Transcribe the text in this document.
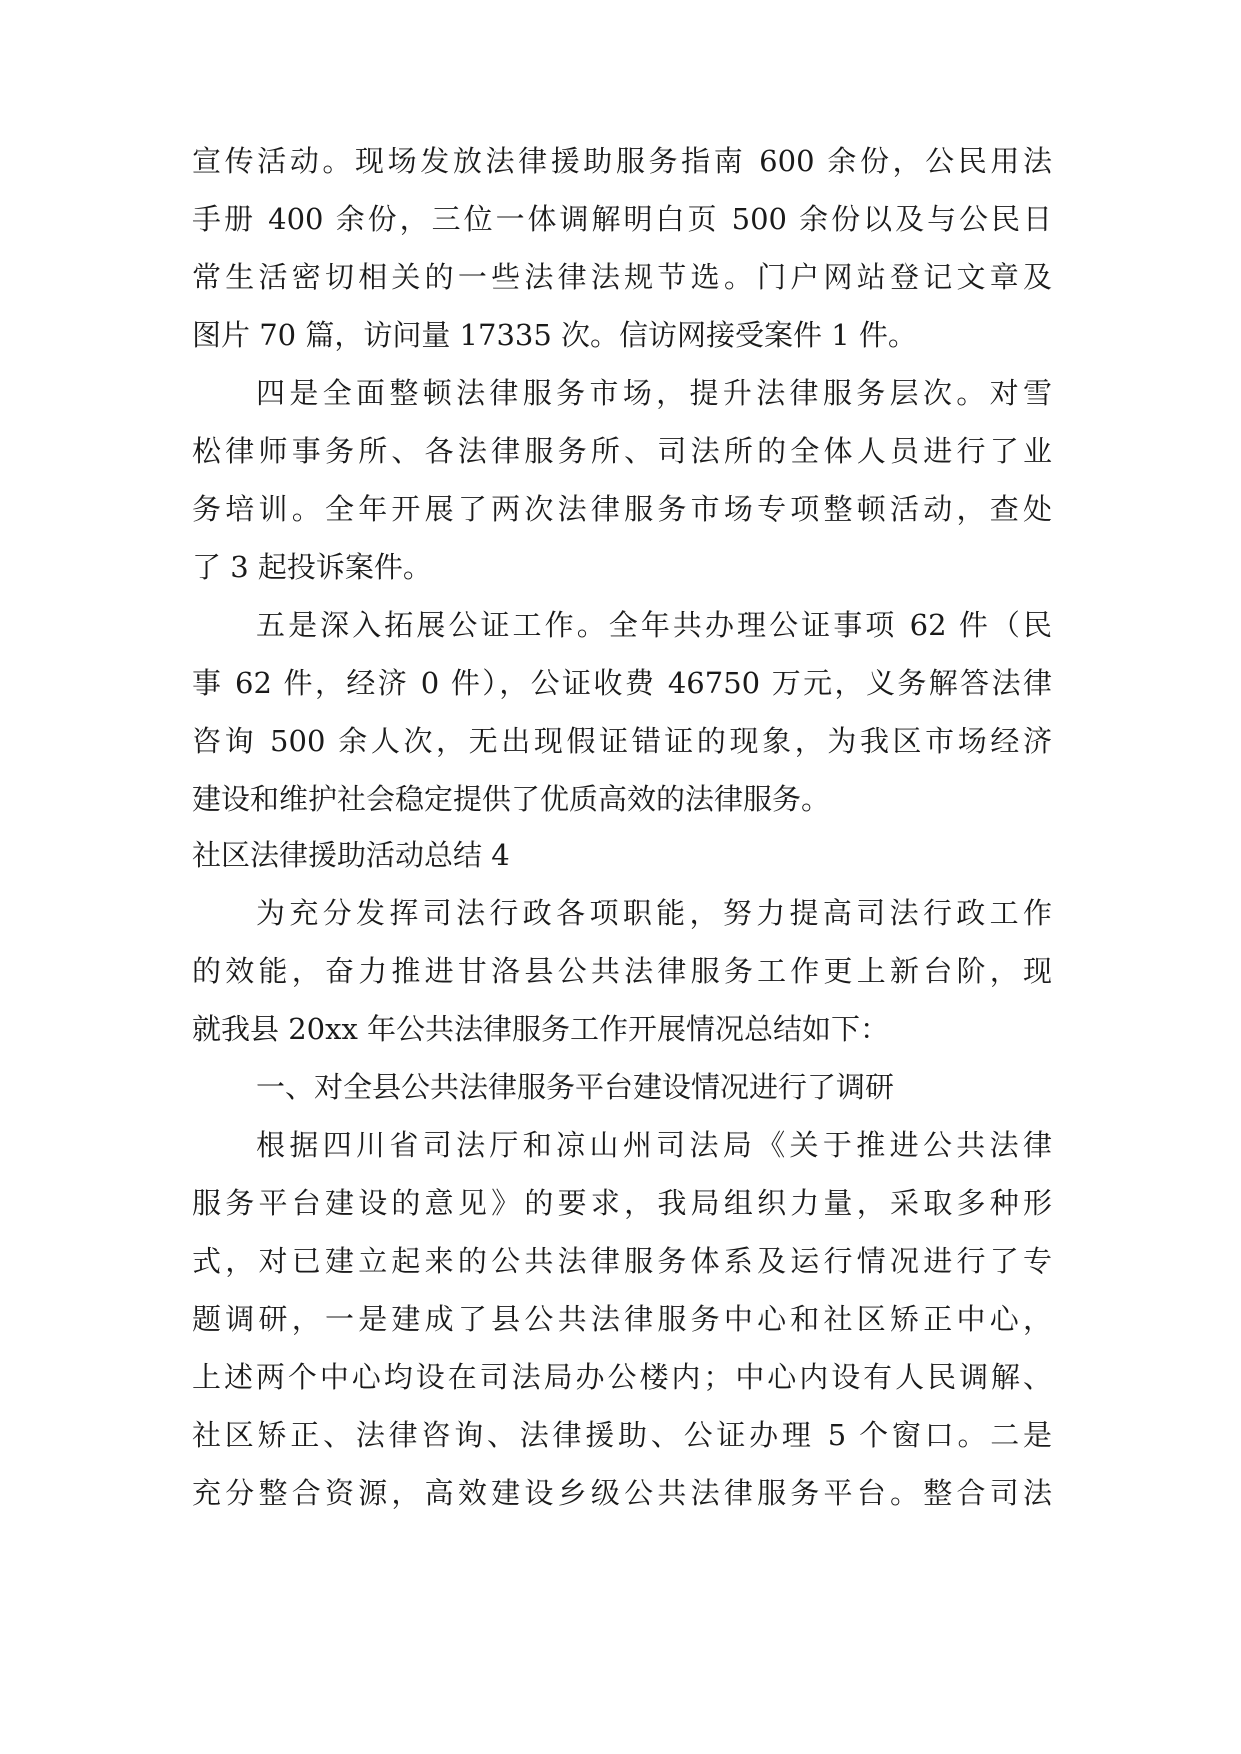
宣传活动。现场发放法律援助服务指南 600 余份，公民用法
手册 400 余份，三位一体调解明白页 500 余份以及与公民日
常生活密切相关的一些法律法规节选。门户网站登记文章及
图片 70 篇，访问量 17335 次。信访网接受案件 1 件。
四是全面整顿法律服务市场，提升法律服务层次。对雪
松律师事务所、各法律服务所、司法所的全体人员进行了业
务培训。全年开展了两次法律服务市场专项整顿活动，查处
了 3 起投诉案件。
五是深入拓展公证工作。全年共办理公证事项 62 件（民
事 62 件，经济 0 件），公证收费 46750 万元，义务解答法律
咨询 500 余人次，无出现假证错证的现象，为我区市场经济
建设和维护社会稳定提供了优质高效的法律服务。
社区法律援助活动总结 4
为充分发挥司法行政各项职能，努力提高司法行政工作
的效能，奋力推进甘洛县公共法律服务工作更上新台阶，现
就我县 20xx 年公共法律服务工作开展情况总结如下：
一、对全县公共法律服务平台建设情况进行了调研
根据四川省司法厅和凉山州司法局《关于推进公共法律
服务平台建设的意见》的要求，我局组织力量，采取多种形
式，对已建立起来的公共法律服务体系及运行情况进行了专
题调研，一是建成了县公共法律服务中心和社区矫正中心，
上述两个中心均设在司法局办公楼内；中心内设有人民调解、
社区矫正、法律咨询、法律援助、公证办理 5 个窗口。二是
充分整合资源，高效建设乡级公共法律服务平台。整合司法
